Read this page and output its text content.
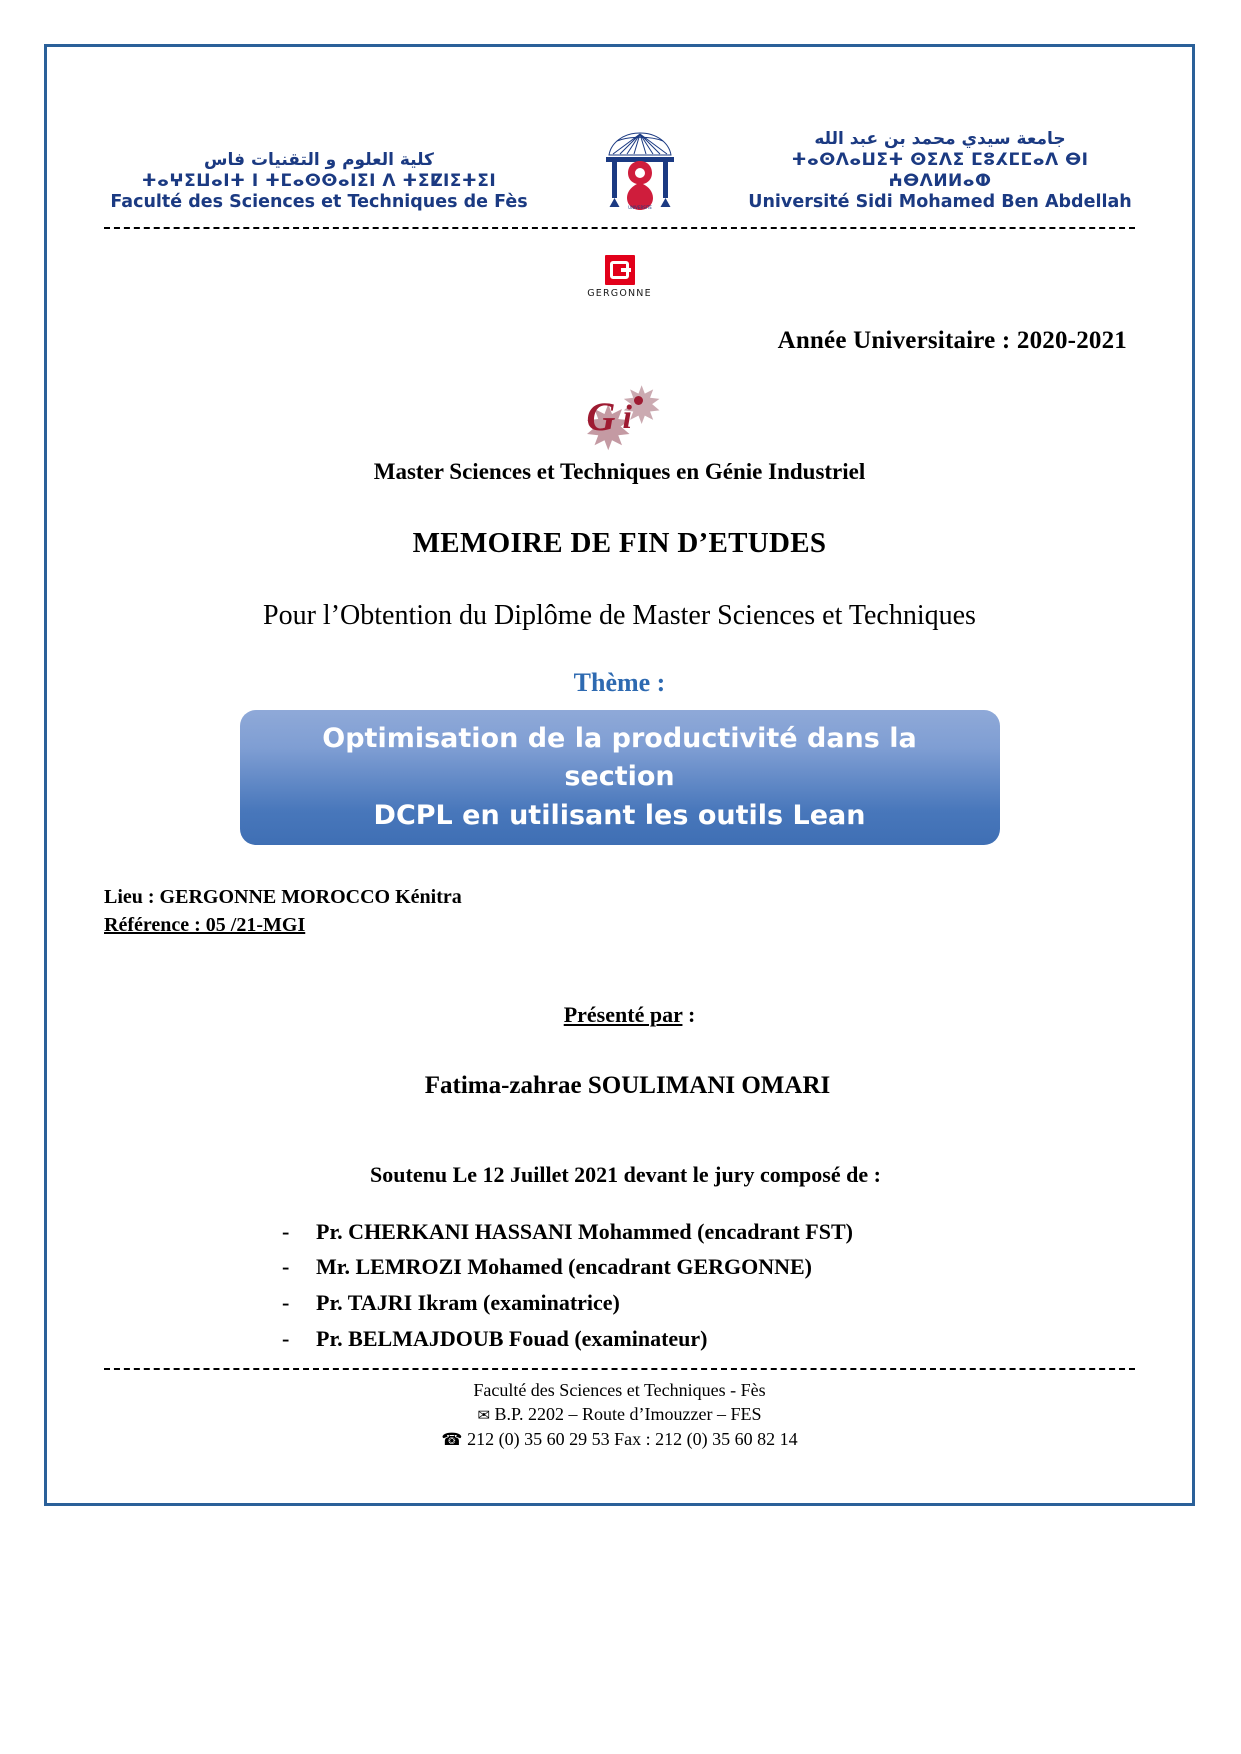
كلية العلوم و التقنيات فاس
ⵜⴰⵖⵉⵡⴰⵏⵜ ⵏ ⵜⵎⴰⵙⵙⴰⵏⵉⵏ ⴷ ⵜⵉⵇⵏⵉⵜⵉⵏ
Faculté des Sciences et Techniques de Fès	UNIVERSITE
جامعة سيدي محمد بن عبد الله
ⵜⴰⵙⴷⴰⵡⵉⵜ ⵙⵉⴷⵉ ⵎⵓⵃⵎⵎⴰⴷ ⴱⵏ ⵄⴱⴷⵍⵍⴰⵀ
Université Sidi Mohamed Ben Abdellah
GERGONNE
Année Universitaire : 2020-2021
G i
Master Sciences et Techniques en Génie Industriel
MEMOIRE DE FIN D’ETUDES
Pour l’Obtention du Diplôme de Master Sciences et Techniques
Thème :
Optimisation de la productivité dans la section
DCPL en utilisant les outils Lean
Lieu : GERGONNE MOROCCO Kénitra
Référence : 05 /21-MGI
Présenté par :
Fatima-zahrae SOULIMANI OMARI
Soutenu Le 12 Juillet 2021 devant le jury composé de :
-	Pr. CHERKANI HASSANI Mohammed (encadrant FST)
-	Mr. LEMROZI Mohamed (encadrant GERGONNE)
-	Pr. TAJRI Ikram (examinatrice)
-	Pr. BELMAJDOUB Fouad (examinateur)
Faculté des Sciences et Techniques - Fès
✉ B.P. 2202 – Route d’Imouzzer – FES
☎ 212 (0) 35 60 29 53 Fax : 212 (0) 35 60 82 14
